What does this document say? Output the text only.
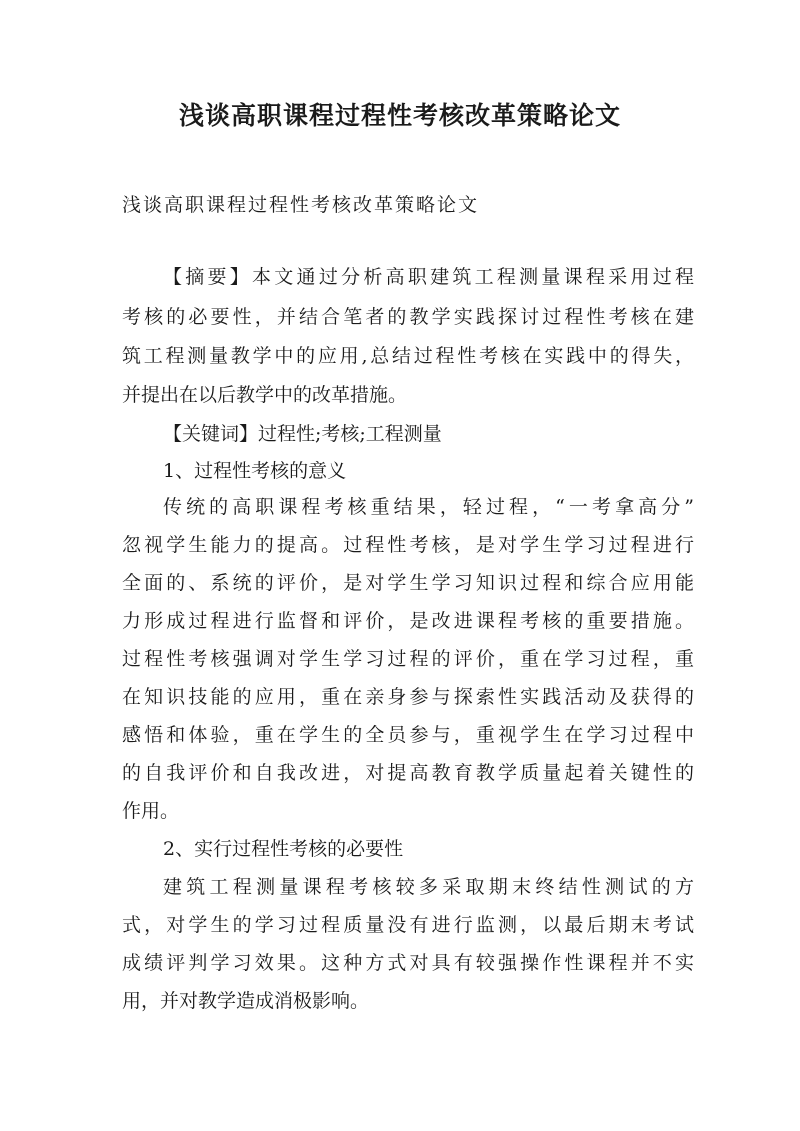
浅谈高职课程过程性考核改革策略论文
浅谈高职课程过程性考核改革策略论文
【摘要】本文通过分析高职建筑工程测量课程采用过程
考核的必要性，并结合笔者的教学实践探讨过程性考核在建
筑工程测量教学中的应用,总结过程性考核在实践中的得失，
并提出在以后教学中的改革措施。
【关键词】过程性;考核;工程测量
1、过程性考核的意义
传统的高职课程考核重结果，轻过程，“一考拿高分”
忽视学生能力的提高。过程性考核，是对学生学习过程进行
全面的、系统的评价，是对学生学习知识过程和综合应用能
力形成过程进行监督和评价，是改进课程考核的重要措施。
过程性考核强调对学生学习过程的评价，重在学习过程，重
在知识技能的应用，重在亲身参与探索性实践活动及获得的
感悟和体验，重在学生的全员参与，重视学生在学习过程中
的自我评价和自我改进，对提高教育教学质量起着关键性的
作用。
2、实行过程性考核的必要性
建筑工程测量课程考核较多采取期末终结性测试的方
式，对学生的学习过程质量没有进行监测，以最后期末考试
成绩评判学习效果。这种方式对具有较强操作性课程并不实
用，并对教学造成消极影响。
